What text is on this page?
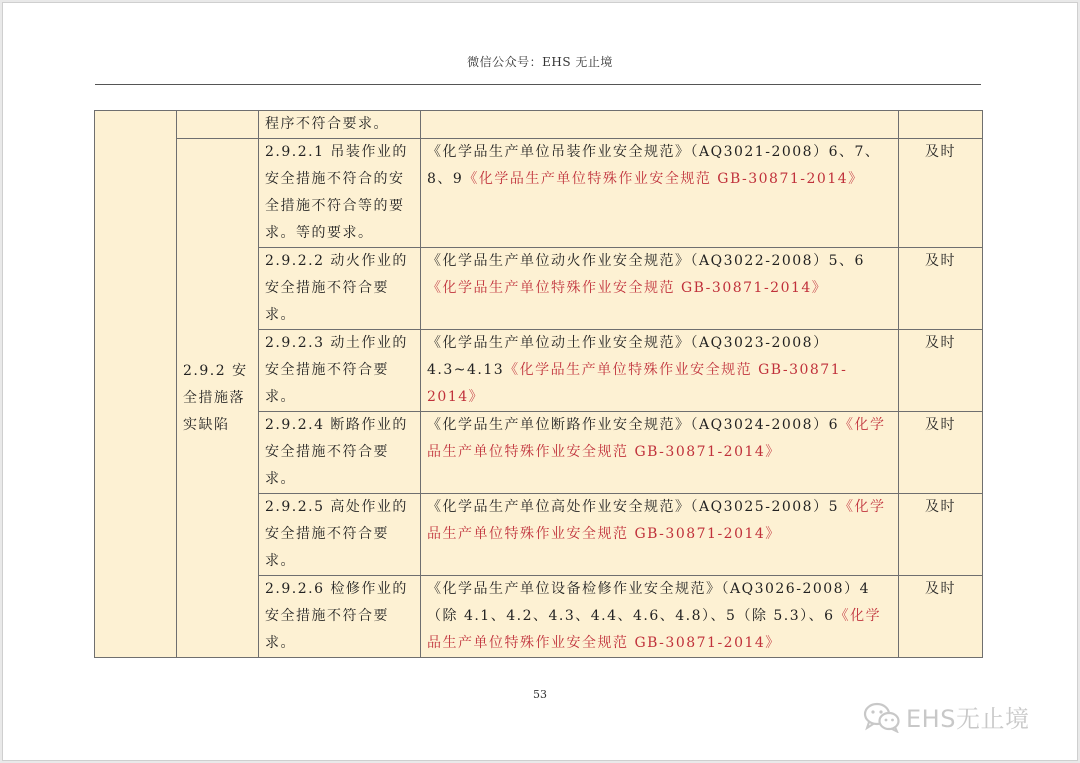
微信公众号：EHS 无止境
		程序不符合要求。		
	2.9.2 安全措施落实缺陷	2.9.2.1 吊装作业的安全措施不符合的安全措施不符合等的要求。等的要求。	《化学品生产单位吊装作业安全规范》（AQ3021-2008）6、7、8、9《化学品生产单位特殊作业安全规范 GB-30871-2014》	及时
		2.9.2.2 动火作业的安全措施不符合要求。	《化学品生产单位动火作业安全规范》（AQ3022-2008）5、6《化学品生产单位特殊作业安全规范 GB-30871-2014》	及时
		2.9.2.3 动土作业的安全措施不符合要求。	《化学品生产单位动土作业安全规范》（AQ3023-2008）4.3~4.13《化学品生产单位特殊作业安全规范 GB-30871-2014》	及时
		2.9.2.4 断路作业的安全措施不符合要求。	《化学品生产单位断路作业安全规范》（AQ3024-2008）6《化学品生产单位特殊作业安全规范 GB-30871-2014》	及时
		2.9.2.5 高处作业的安全措施不符合要求。	《化学品生产单位高处作业安全规范》（AQ3025-2008）5《化学品生产单位特殊作业安全规范 GB-30871-2014》	及时
		2.9.2.6 检修作业的安全措施不符合要求。	《化学品生产单位设备检修作业安全规范》（AQ3026-2008）4（除 4.1、4.2、4.3、4.4、4.6、4.8）、5（除 5.3）、6《化学品生产单位特殊作业安全规范 GB-30871-2014》	及时
53
EHS无止境
